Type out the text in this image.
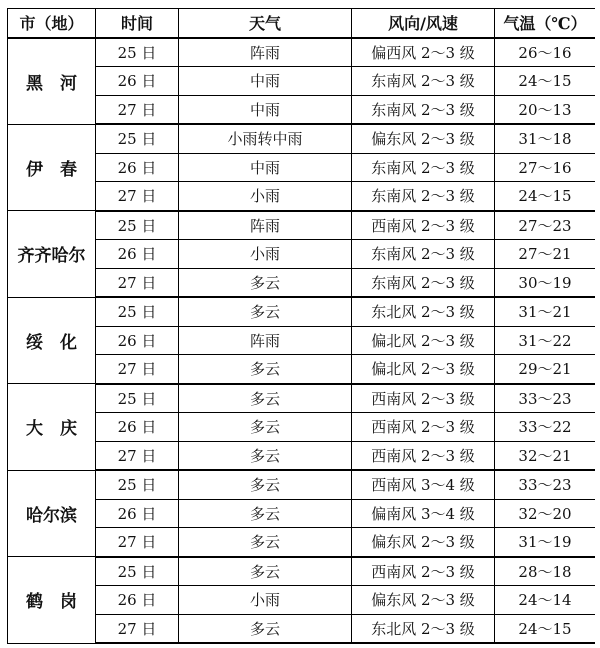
市（地）	时间	天气	风向/风速	气温（℃）
黑　河	25 日	阵雨	偏西风 2～3 级	26～16
	26 日	中雨	东南风 2～3 级	24～15
	27 日	中雨	东南风 2～3 级	20～13
伊　春	25 日	小雨转中雨	偏东风 2～3 级	31～18
	26 日	中雨	东南风 2～3 级	27～16
	27 日	小雨	东南风 2～3 级	24～15
齐齐哈尔	25 日	阵雨	西南风 2～3 级	27～23
	26 日	小雨	东南风 2～3 级	27～21
	27 日	多云	东南风 2～3 级	30～19
绥　化	25 日	多云	东北风 2～3 级	31～21
	26 日	阵雨	偏北风 2～3 级	31～22
	27 日	多云	偏北风 2～3 级	29～21
大　庆	25 日	多云	西南风 2～3 级	33～23
	26 日	多云	西南风 2～3 级	33～22
	27 日	多云	西南风 2～3 级	32～21
哈尔滨	25 日	多云	西南风 3～4 级	33～23
	26 日	多云	偏南风 3～4 级	32～20
	27 日	多云	偏东风 2～3 级	31～19
鹤　岗	25 日	多云	西南风 2～3 级	28～18
	26 日	小雨	偏东风 2～3 级	24～14
	27 日	多云	东北风 2～3 级	24～15
